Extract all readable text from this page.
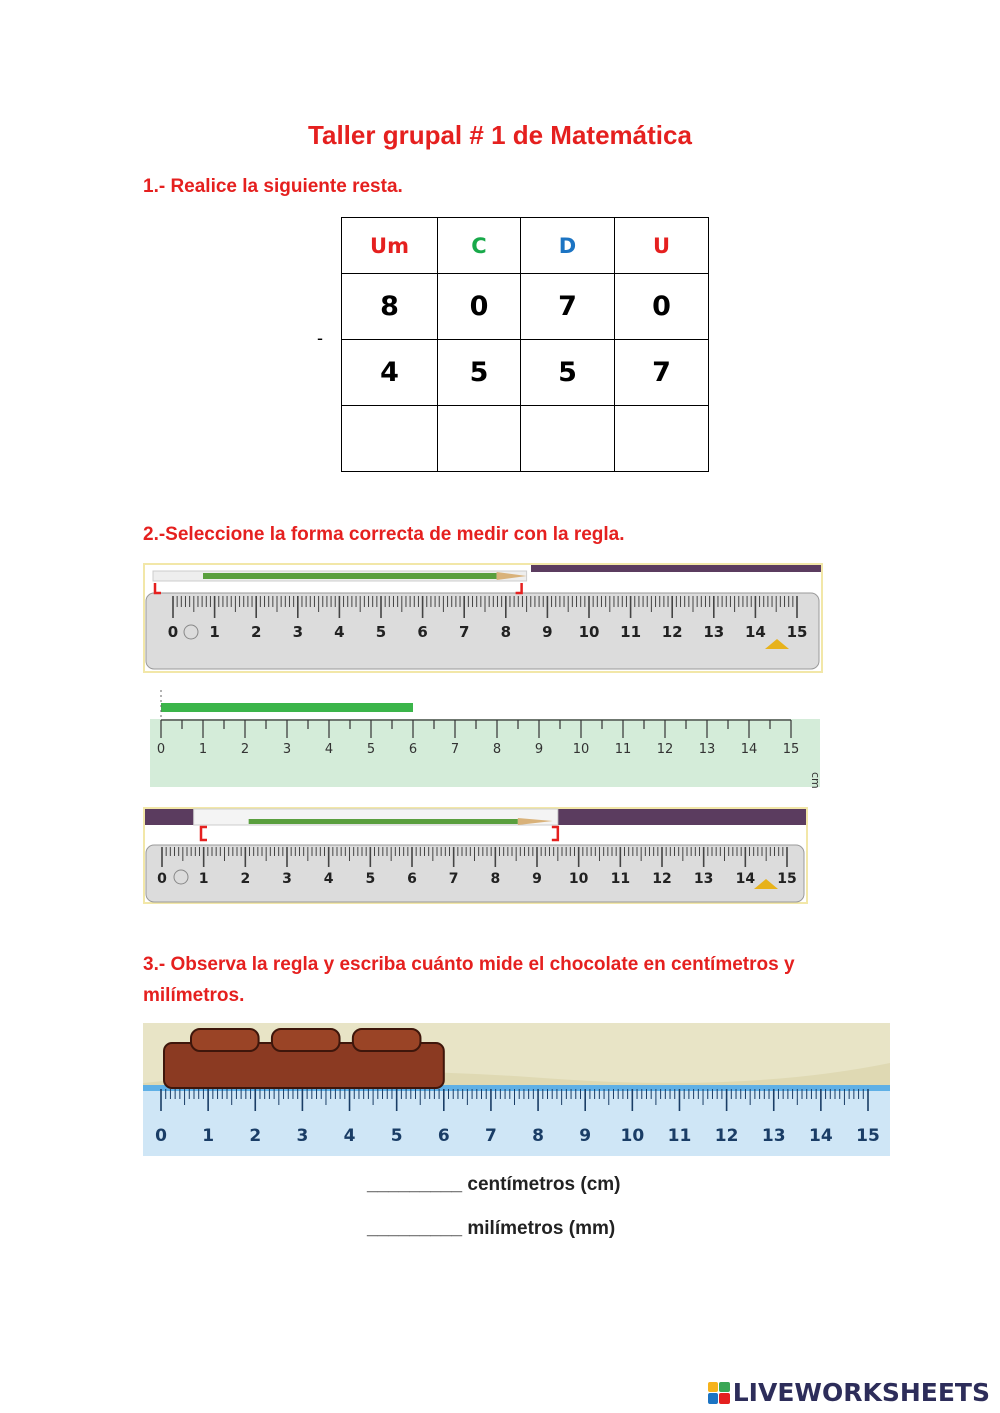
Taller grupal # 1 de Matemática
1.- Realice la siguiente resta.
-
Um	C	D	U
8	0	7	0
4	5	5	7

2.-Seleccione la forma correcta de medir con la regla.
0 1 2 3 4 5 6 7 8 9 10 11 12 13 14 15
0	1	2	3	4	5	6	7	8	9 10 11 12 13 14 15
cm
0 1 2 3 4 5 6 7 8 9 10 11 12 13 14 15
3.- Observa la regla y escriba cuánto mide el chocolate en centímetros y
milímetros.
0 1 2 3 4 5 6 7 8 9 10 11 12 13 14 15
_________ centímetros (cm)
_________ milímetros (mm)
LIVEWORKSHEETS
